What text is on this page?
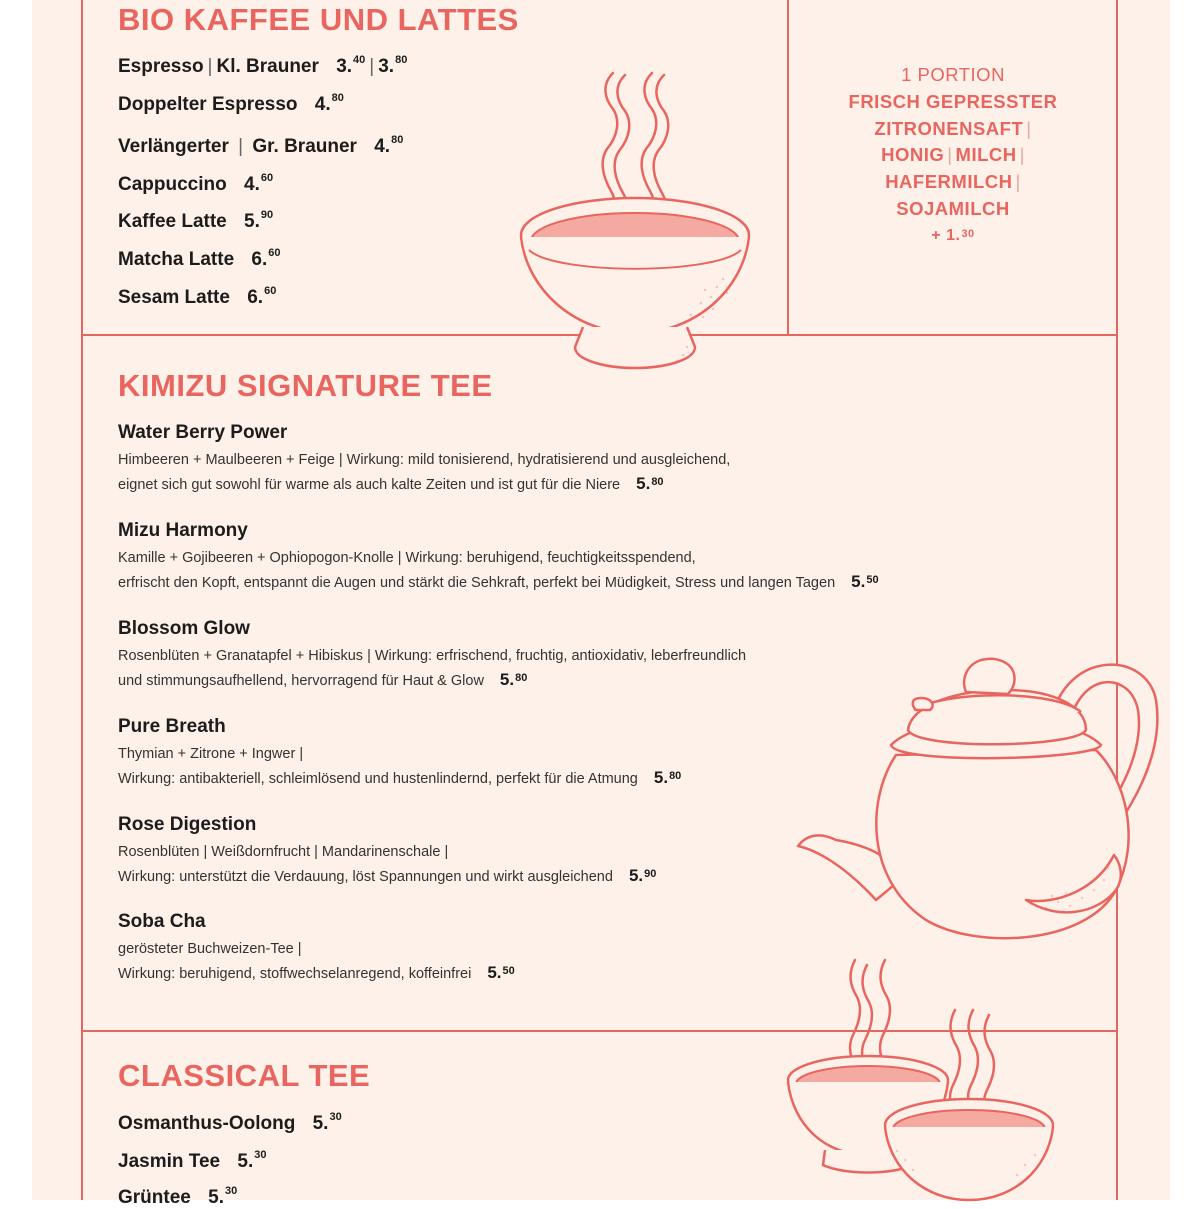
BIO KAFFEE UND LATTES
Espresso | Kl. Brauner 3.40 | 3.80
Doppelter Espresso 4.80
Verlängerter | Gr. Brauner 4.80
Cappuccino 4.60
Kaffee Latte 5.90
Matcha Latte 6.60
Sesam Latte 6.60
1 PORTION
FRISCH GEPRESSTER
ZITRONENSAFT |
HONIG | MILCH |
HAFERMILCH |
SOJAMILCH
+ 1.30
KIMIZU SIGNATURE TEE
Water Berry Power
Himbeeren + Maulbeeren + Feige | Wirkung: mild tonisierend, hydratisierend und ausgleichend,
eignet sich gut sowohl für warme als auch kalte Zeiten und ist gut für die Niere 5.80
Mizu Harmony
Kamille + Gojibeeren + Ophiopogon-Knolle | Wirkung: beruhigend, feuchtigkeitsspendend,
erfrischt den Kopft, entspannt die Augen und stärkt die Sehkraft, perfekt bei Müdigkeit, Stress und langen Tagen 5.50
Blossom Glow
Rosenblüten + Granatapfel + Hibiskus | Wirkung: erfrischend, fruchtig, antioxidativ, leberfreundlich
und stimmungsaufhellend, hervorragend für Haut & Glow 5.80
Pure Breath
Thymian + Zitrone + Ingwer |
Wirkung: antibakteriell, schleimlösend und hustenlindernd, perfekt für die Atmung 5.80
Rose Digestion
Rosenblüten | Weißdornfrucht | Mandarinenschale |
Wirkung: unterstützt die Verdauung, löst Spannungen und wirkt ausgleichend 5.90
Soba Cha
gerösteter Buchweizen-Tee |
Wirkung: beruhigend, stoffwechselanregend, koffeinfrei 5.50
CLASSICAL TEE
Osmanthus-Oolong 5.30
Jasmin Tee 5.30
Grüntee 5.30
